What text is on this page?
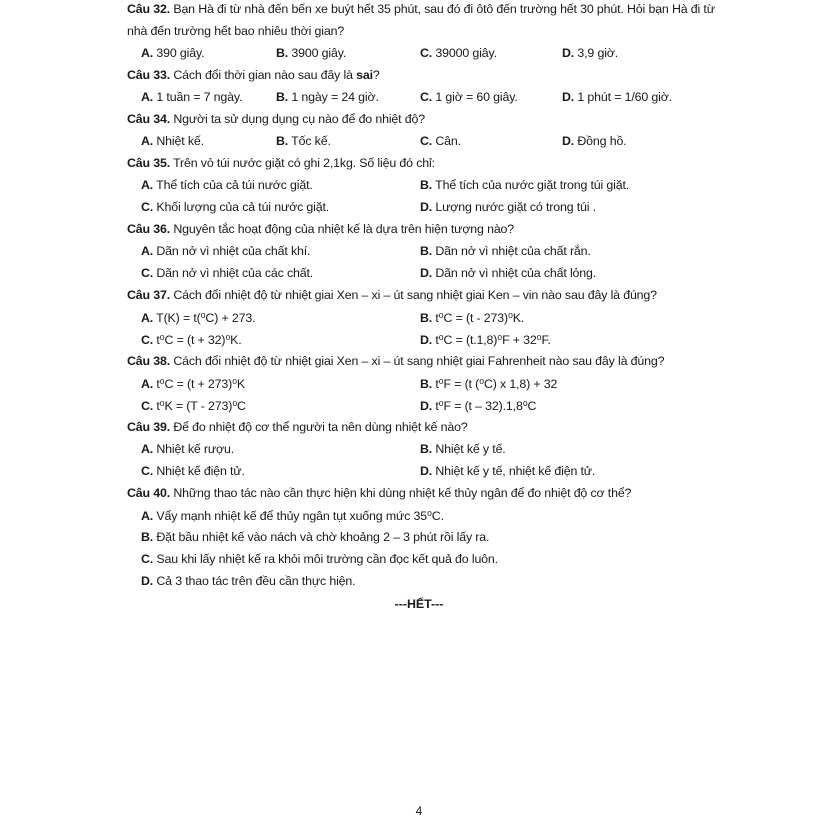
Câu 32. Bạn Hà đi từ nhà đến bến xe buýt hết 35 phút, sau đó đi ôtô đến trường hết 30 phút. Hỏi bạn Hà đi từ
nhà đến trường hết bao nhiêu thời gian?
A. 390 giây.	B. 3900 giây.	C. 39000 giây.	D. 3,9 giờ.
Câu 33. Cách đổi thời gian nào sau đây là sai?
A. 1 tuần = 7 ngày.	B. 1 ngày = 24 giờ.	C. 1 giờ = 60 giây.	D. 1 phút = 1/60 giờ.
Câu 34. Người ta sử dụng dụng cụ nào để đo nhiệt độ?
A. Nhiệt kế.	B. Tốc kế.	C. Cân.	D. Đồng hồ.
Câu 35. Trên vỏ túi nước giặt có ghi 2,1kg. Số liệu đó chỉ:
A. Thể tích của cả túi nước giặt.	B. Thể tích của nước giặt trong túi giặt.
C. Khối lượng của cả túi nước giặt.	D. Lượng nước giặt có trong túi .
Câu 36. Nguyên tắc hoạt động của nhiệt kế là dựa trên hiện tượng nào?
A. Dãn nở vì nhiệt của chất khí.	B. Dãn nở vì nhiệt của chất rắn.
C. Dãn nở vì nhiệt của các chất.	D. Dãn nở vì nhiệt của chất lỏng.
Câu 37. Cách đổi nhiệt độ từ nhiệt giai Xen – xi – út sang nhiệt giai Ken – vin nào sau đây là đúng?
A. T(K) = t(⁰C) + 273.	B. t⁰C = (t - 273)⁰K.
C. t⁰C = (t + 32)⁰K.	D. t⁰C = (t.1,8)⁰F + 32⁰F.
Câu 38. Cách đổi nhiệt độ từ nhiệt giai Xen – xi – út sang nhiệt giai Fahrenheit nào sau đây là đúng?
A. t⁰C = (t + 273)⁰K	B. t⁰F = (t (⁰C) x 1,8) + 32
C. t⁰K = (T - 273)⁰C	D. t⁰F = (t – 32).1,8⁰C
Câu 39. Để đo nhiệt độ cơ thể người ta nên dùng nhiệt kế nào?
A. Nhiệt kế rượu.	B. Nhiệt kế y tế.
C. Nhiệt kế điện tử.	D. Nhiệt kế y tế, nhiệt kế điện tử.
Câu 40. Những thao tác nào cần thực hiện khi dùng nhiệt kế thủy ngân để đo nhiệt độ cơ thể?
A. Vẩy mạnh nhiệt kế để thủy ngân tụt xuống mức 35⁰C.
B. Đặt bầu nhiệt kế vào nách và chờ khoảng 2 – 3 phút rồi lấy ra.
C. Sau khi lấy nhiệt kế ra khỏi môi trường cần đọc kết quả đo luôn.
D. Cả 3 thao tác trên đều cần thực hiện.
---HẾT---
4
